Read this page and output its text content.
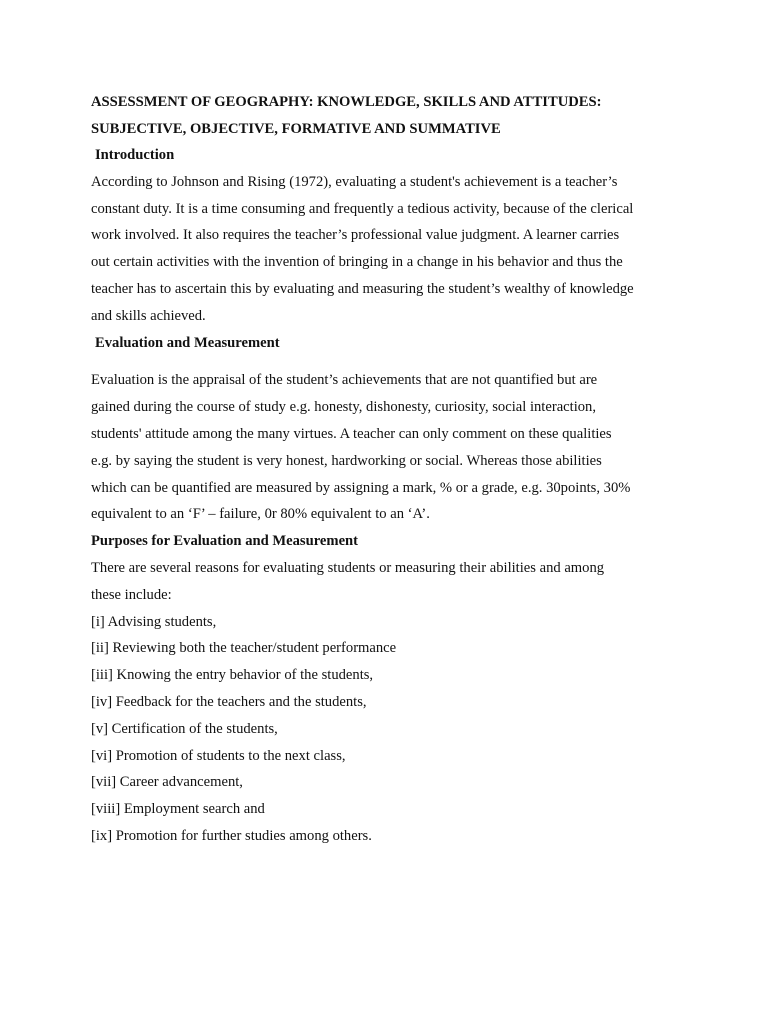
ASSESSMENT OF GEOGRAPHY: KNOWLEDGE, SKILLS AND ATTITUDES:

SUBJECTIVE, OBJECTIVE, FORMATIVE AND SUMMATIVE

Introduction

According to Johnson and Rising (1972), evaluating a student's achievement is a teacher’s constant duty. It is a time consuming and frequently a tedious activity, because of the clerical work involved. It also requires the teacher’s professional value judgment. A learner carries out certain activities with the invention of bringing in a change in his behavior and thus the teacher has to ascertain this by evaluating and measuring the student’s wealthy of knowledge and skills achieved.

Evaluation and Measurement

Evaluation is the appraisal of the student’s achievements that are not quantified but are gained during the course of study e.g. honesty, dishonesty, curiosity, social interaction, students' attitude among the many virtues. A teacher can only comment on these qualities e.g. by saying the student is very honest, hardworking or social. Whereas those abilities which can be quantified are measured by assigning a mark, % or a grade, e.g. 30points, 30% equivalent to an ‘F’ – failure, 0r 80% equivalent to an ‘A’.

Purposes for Evaluation and Measurement

There are several reasons for evaluating students or measuring their abilities and among these include:

[i] Advising students,
[ii] Reviewing both the teacher/student performance
[iii] Knowing the entry behavior of the students,
[iv] Feedback for the teachers and the students,
[v] Certification of the students,
[vi] Promotion of students to the next class,
[vii] Career advancement,
[viii] Employment search and
[ix] Promotion for further studies among others.
